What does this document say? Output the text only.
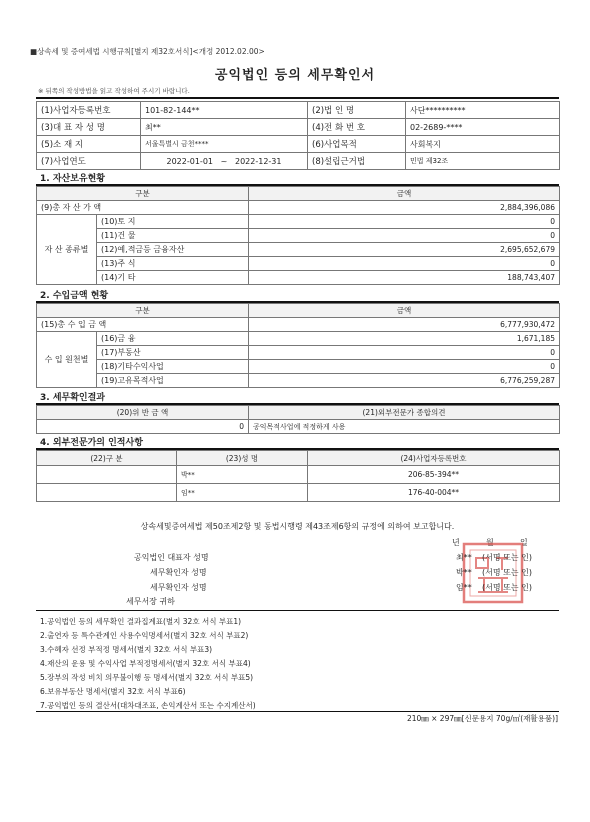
■상속세 및 증여세법 시행규칙[별지 제32호서식]<개정 2012.02.00>
공익법인 등의 세무확인서
※ 뒤쪽의 작성방법을 읽고 작성하여 주시기 바랍니다.
(1)사업자등록번호	101-82-144**	(2)법 인 명	사단**********
(3)대 표 자 성 명	최**	(4)전 화 번 호	02-2689-****
(5)소 재 지	서울특별시 금천****	(6)사업목적	사회복지
(7)사업연도	2022-01-01 ~ 2022-12-31	(8)설립근거법	민법 제32조
1. 자산보유현황
구분		금액
(9)총 자 산 가 액		2,884,396,086
자 산 종류별	(10)토 지	0
	(11)건 물	0
	(12)예,적금등 금융자산	2,695,652,679
	(13)주 식	0
	(14)기 타	188,743,407
2. 수입금액 현황
구분		금액
(15)총 수 입 금 액		6,777,930,472
수 입 원천별	(16)금 융	1,671,185
	(17)부동산	0
	(18)기타수익사업	0
	(19)고유목적사업	6,776,259,287
3. 세무확인결과
(20)위 반 금 액	(21)외부전문가 종합의견
0	공익목적사업에 적정하게 사용
4. 외부전문가의 인적사항
(22)구 분	(23)성 명	(24)사업자등록번호
	박**	206-85-394**
	임**	176-40-004**
상속세및증여세법 제50조제2항 및 동법시행령 제43조제6항의 규정에 의하여 보고합니다.
년	월	일
공익법인 대표자 성명	최** (서명 또는 인)
세무확인자 성명	박** (서명 또는 인)
세무확인자 성명	임** (서명 또는 인)
세무서장 귀하
1.공익법인 등의 세무확인 결과집계표(별지 32호 서식 부표1)
2.출연자 등 특수관계인 사용수익명세서(별지 32호 서식 부표2)
3.수혜자 선정 부적정 명세서(별지 32호 서식 부표3)
4.재산의 운용 및 수익사업 부적정명세서(별지 32호 서식 부표4)
5.장부의 작성 비치 의무불이행 등 명세서(별지 32호 서식 부표5)
6.보유부동산 명세서(별지 32호 서식 부표6)
7.공익법인 등의 결산서(대차대조표, 손익계산서 또는 수지계산서)
210㎜ × 297㎜[신문용지 70g/㎡(재활용품)]
